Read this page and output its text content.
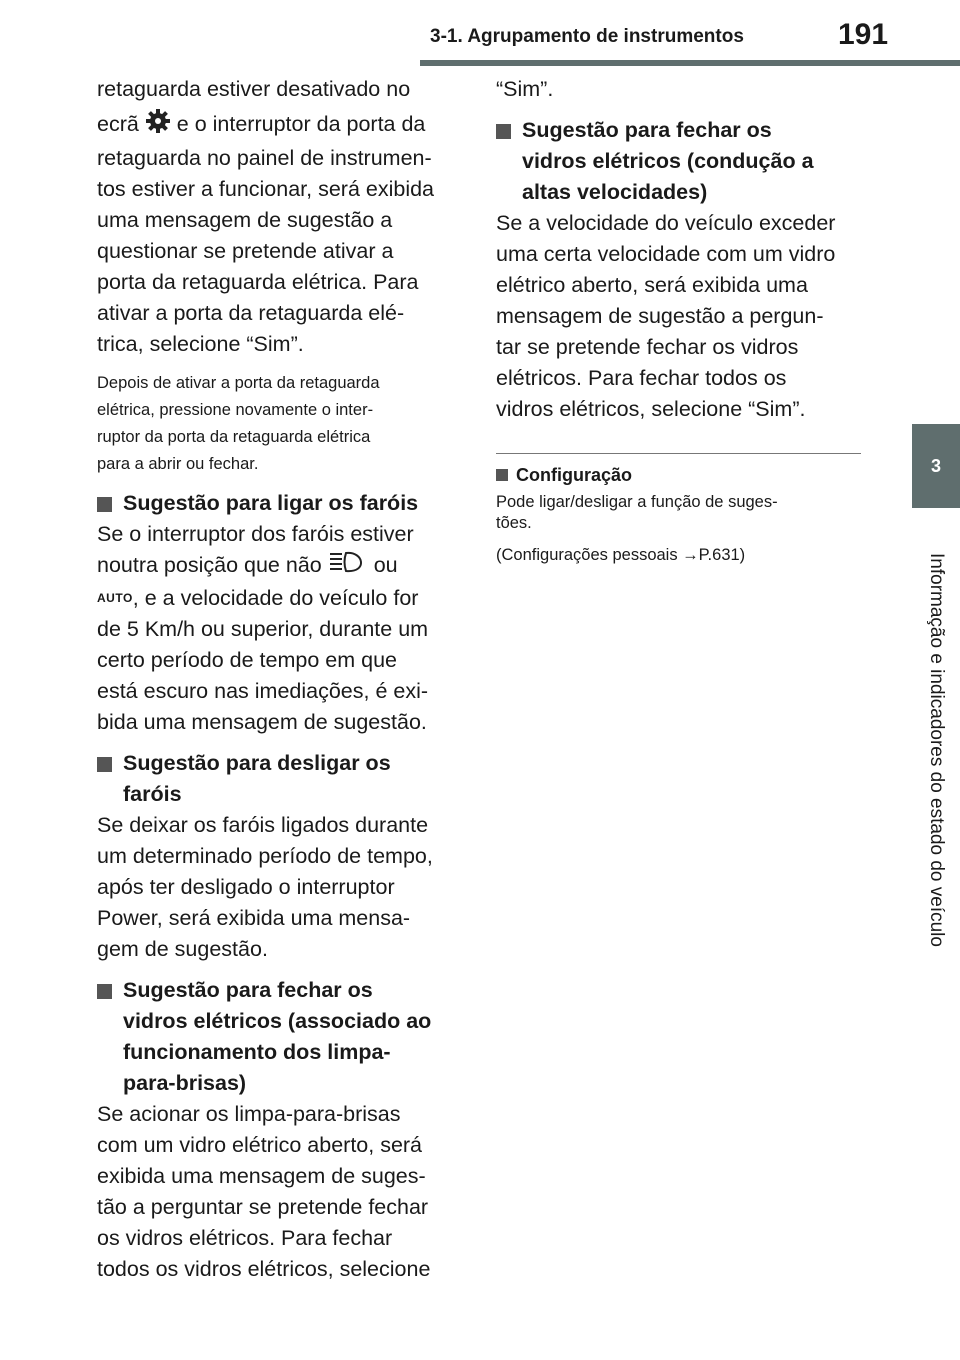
3-1. Agrupamento de instrumentos	191
3
Informação e indicadores do estado do veículo

retaguarda estiver desativado no

ecrã  e o interruptor da porta da

retaguarda no painel de instrumen-

tos estiver a funcionar, será exibida

uma mensagem de sugestão a

questionar se pretende ativar a

porta da retaguarda elétrica. Para

ativar a porta da retaguarda elé-

trica, selecione “Sim”.

Depois de ativar a porta da retaguarda

elétrica, pressione novamente o inter-

ruptor da porta da retaguarda elétrica

para a abrir ou fechar.

Sugestão para ligar os faróis

Se o interruptor dos faróis estiver

noutra posição que não  ou

AUTO, e a velocidade do veículo for

de 5 Km/h ou superior, durante um

certo período de tempo em que

está escuro nas imediações, é exi-

bida uma mensagem de sugestão.

Sugestão para desligar os
faróis

Se deixar os faróis ligados durante

um determinado período de tempo,

após ter desligado o interruptor

Power, será exibida uma mensa-

gem de sugestão.

Sugestão para fechar os
vidros elétricos (associado ao
funcionamento dos limpa-
para-brisas)

Se acionar os limpa-para-brisas

com um vidro elétrico aberto, será

exibida uma mensagem de suges-

tão a perguntar se pretende fechar

os vidros elétricos. Para fechar

todos os vidros elétricos, selecione

“Sim”.

Sugestão para fechar os
vidros elétricos (condução a
altas velocidades)

Se a velocidade do veículo exceder

uma certa velocidade com um vidro

elétrico aberto, será exibida uma

mensagem de sugestão a pergun-

tar se pretende fechar os vidros

elétricos. Para fechar todos os

vidros elétricos, selecione “Sim”.

Configuração

Pode ligar/desligar a função de suges-

tões.

(Configurações pessoais →P.631)
